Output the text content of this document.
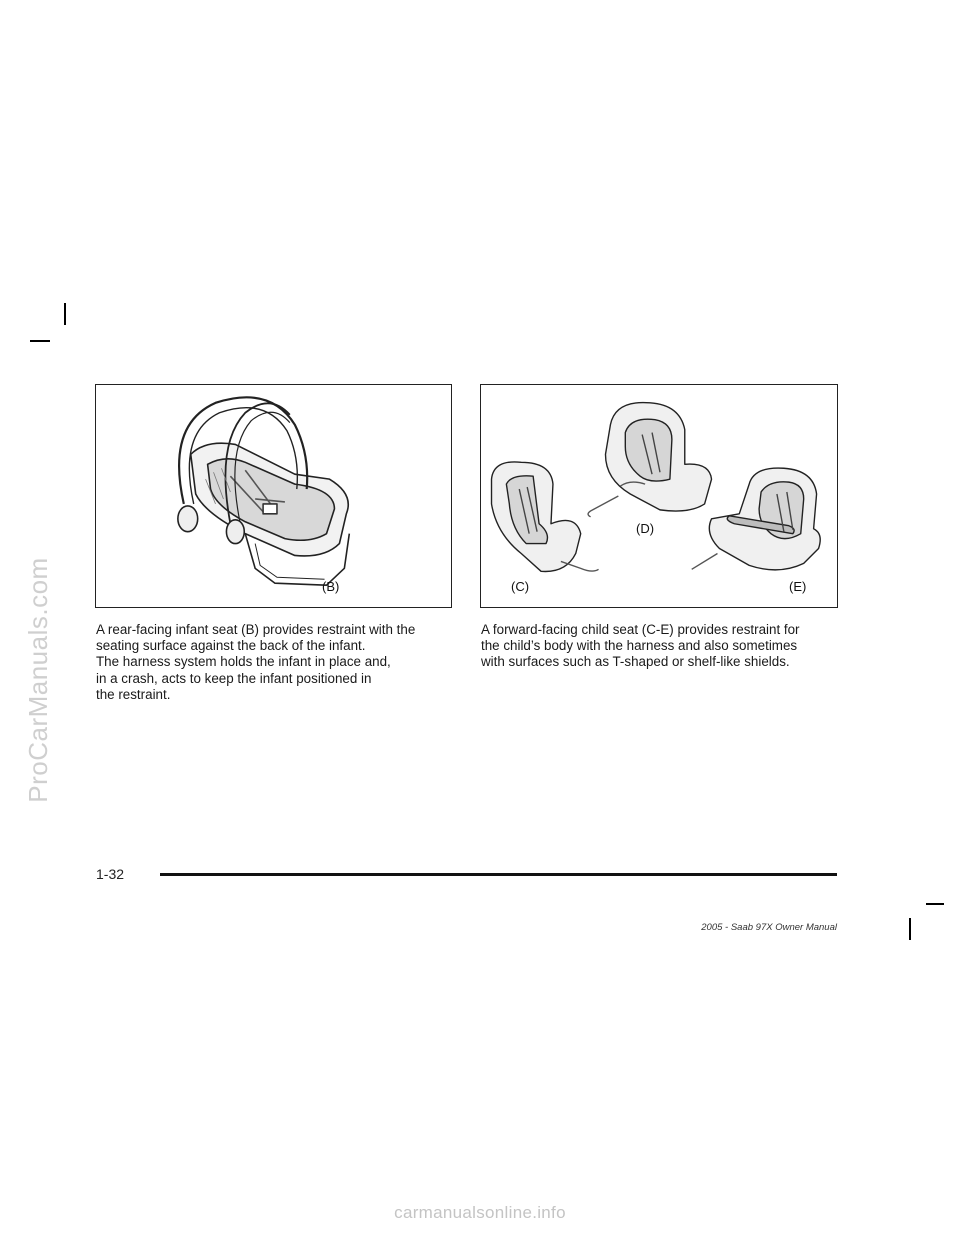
ProCarManuals.com	(B)	(C)
(D)
(E)
A rear-facing infant seat (B) provides restraint with the
seating surface against the back of the infant.
The harness system holds the infant in place and,
in a crash, acts to keep the infant positioned in
the restraint.
A forward-facing child seat (C-E) provides restraint for
the child’s body with the harness and also sometimes
with surfaces such as T-shaped or shelf-like shields.
1-32
2005 - Saab 97X Owner Manual
carmanualsonline.info
